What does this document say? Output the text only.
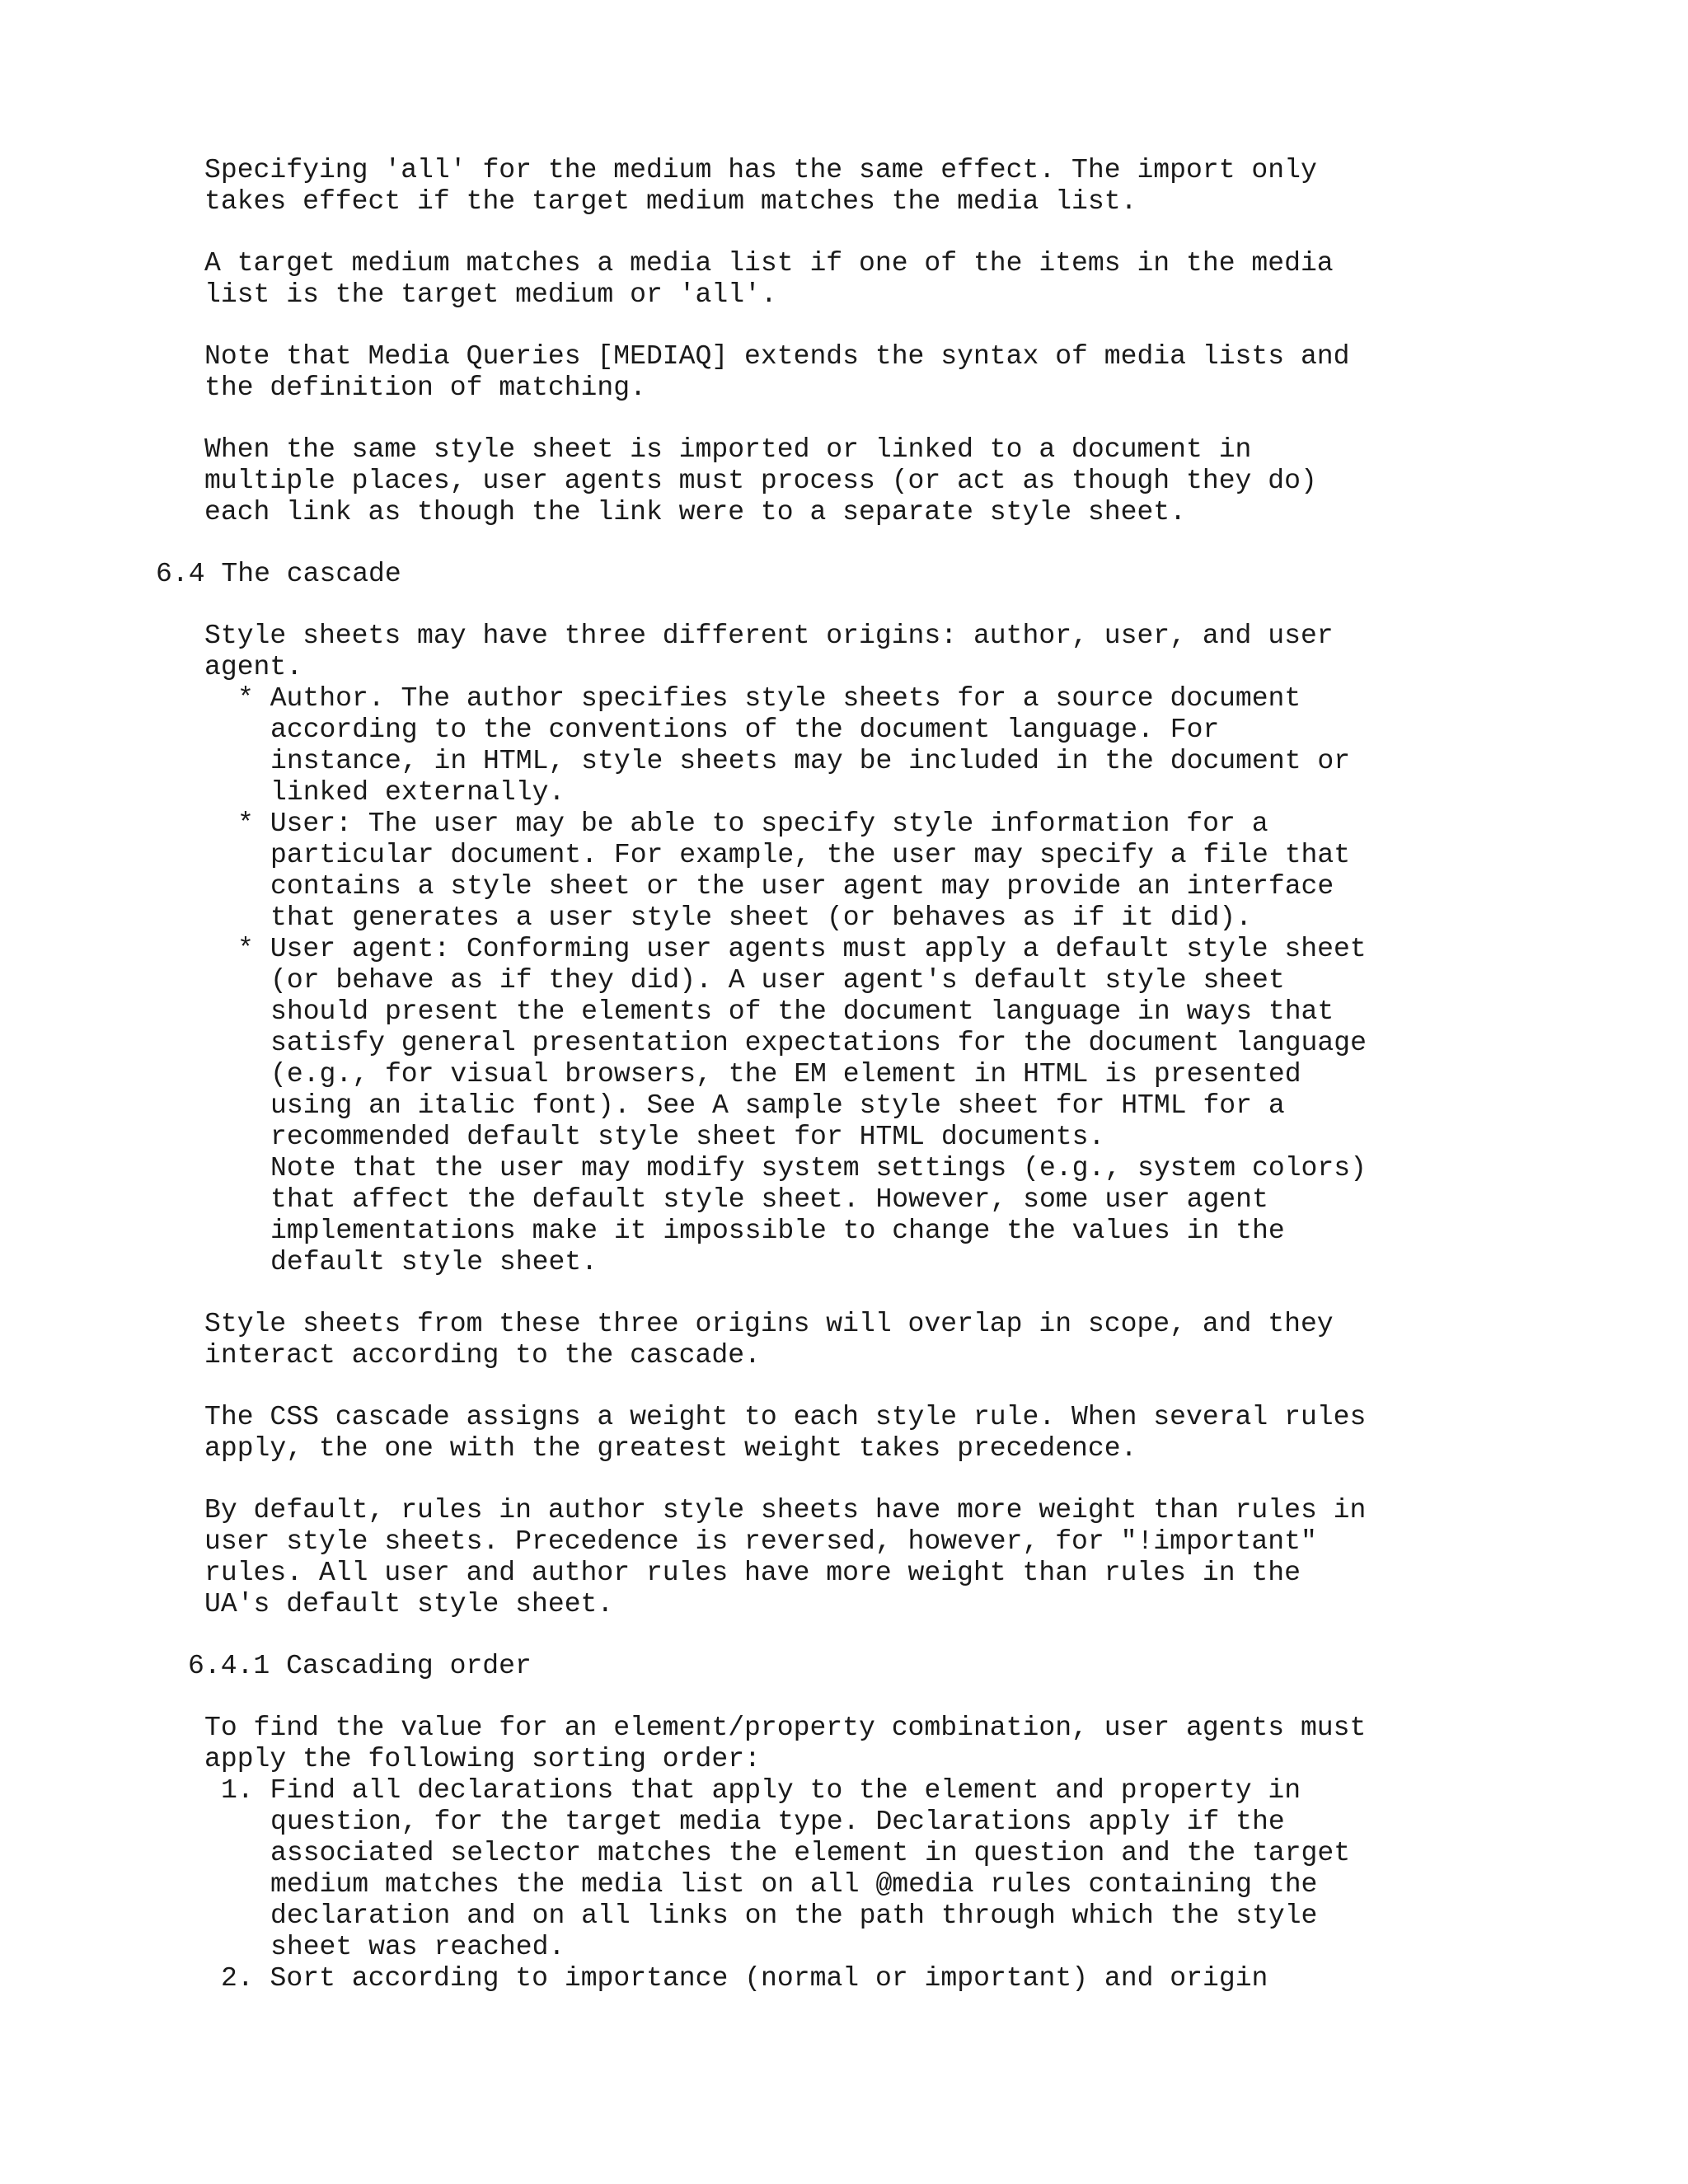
Specifying 'all' for the medium has the same effect. The import only

takes effect if the target medium matches the media list.

A target medium matches a media list if one of the items in the media

list is the target medium or 'all'.

Note that Media Queries [MEDIAQ] extends the syntax of media lists and

the definition of matching.

When the same style sheet is imported or linked to a document in

multiple places, user agents must process (or act as though they do)

each link as though the link were to a separate style sheet.

6.4 The cascade

Style sheets may have three different origins: author, user, and user

agent.

* Author. The author specifies style sheets for a source document

according to the conventions of the document language. For

instance, in HTML, style sheets may be included in the document or

linked externally.

* User: The user may be able to specify style information for a

particular document. For example, the user may specify a file that

contains a style sheet or the user agent may provide an interface

that generates a user style sheet (or behaves as if it did).

* User agent: Conforming user agents must apply a default style sheet

(or behave as if they did). A user agent's default style sheet

should present the elements of the document language in ways that

satisfy general presentation expectations for the document language

(e.g., for visual browsers, the EM element in HTML is presented

using an italic font). See A sample style sheet for HTML for a

recommended default style sheet for HTML documents.

Note that the user may modify system settings (e.g., system colors)

that affect the default style sheet. However, some user agent

implementations make it impossible to change the values in the

default style sheet.

Style sheets from these three origins will overlap in scope, and they

interact according to the cascade.

The CSS cascade assigns a weight to each style rule. When several rules

apply, the one with the greatest weight takes precedence.

By default, rules in author style sheets have more weight than rules in

user style sheets. Precedence is reversed, however, for "!important"

rules. All user and author rules have more weight than rules in the

UA's default style sheet.

6.4.1 Cascading order

To find the value for an element/property combination, user agents must

apply the following sorting order:

1. Find all declarations that apply to the element and property in

question, for the target media type. Declarations apply if the

associated selector matches the element in question and the target

medium matches the media list on all @media rules containing the

declaration and on all links on the path through which the style

sheet was reached.

2. Sort according to importance (normal or important) and origin
